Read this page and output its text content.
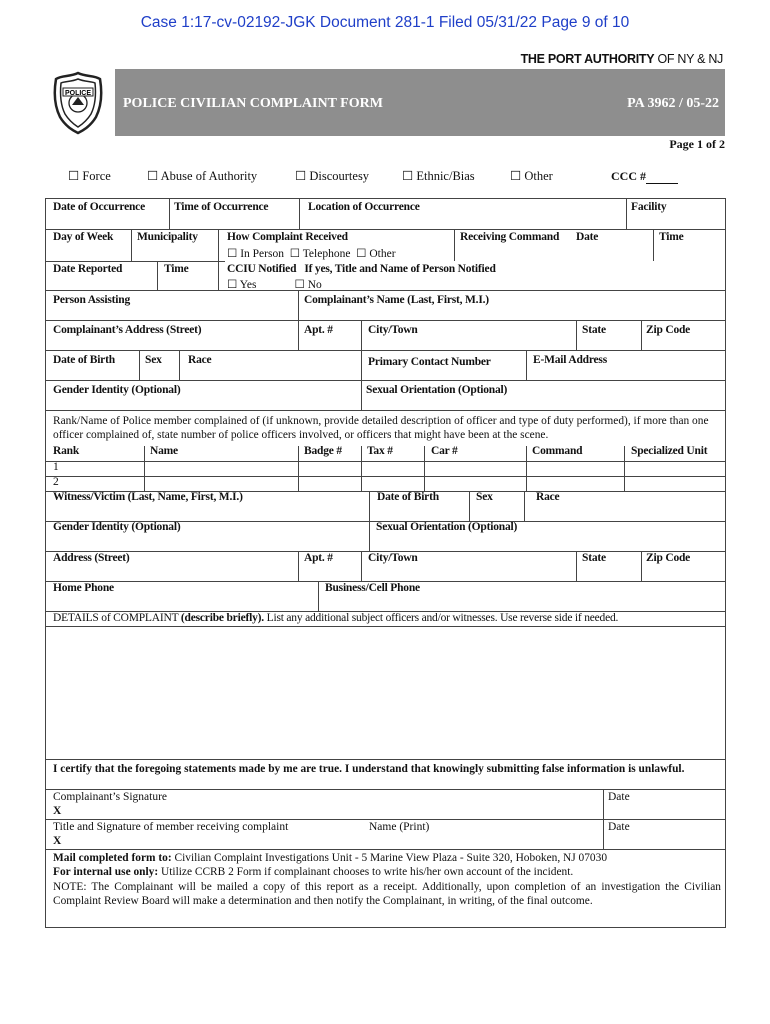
Case 1:17-cv-02192-JGK Document 281-1 Filed 05/31/22 Page 9 of 10
THE PORT AUTHORITY OF NY & NJ
POLICE
POLICE CIVILIAN COMPLAINT FORM	PA 3962 / 05-22
Page 1 of 2
☐ Force	☐ Abuse of Authority	☐ Discourtesy	☐ Ethnic/Bias	☐ Other	CCC #
Date of Occurrence	Time of Occurrence	Location of Occurrence	Facility
Day of Week Municipality	How Complaint Received	Receiving Command Date	Time
☐ In Person ☐ Telephone ☐ Other
Date Reported	Time	CCIU Notified If yes, Title and Name of Person Notified
☐ Yes	☐ No
Person Assisting	Complainant’s Name (Last, First, M.I.)
Complainant’s Address (Street)	Apt. #	City/Town	State	Zip Code
Date of Birth	Sex Race	Primary Contact Number	E-Mail Address
Gender Identity (Optional)	Sexual Orientation (Optional)
Rank/Name of Police member complained of (if unknown, provide detailed description of officer and type of duty performed), if more than one officer complained of, state number of police officers involved, or officers that might have been at the scene.
Rank	Name	Badge # Tax #	Car #	Command	Specialized Unit
1
2
Witness/Victim (Last, Name, First, M.I.)	Date of Birth	Sex	Race
Gender Identity (Optional)	Sexual Orientation (Optional)
Address (Street)	Apt. #	City/Town	State	Zip Code
Home Phone	Business/Cell Phone
DETAILS of COMPLAINT (describe briefly). List any additional subject officers and/or witnesses. Use reverse side if needed.
I certify that the foregoing statements made by me are true. I understand that knowingly submitting false information is unlawful.
Complainant’s Signature
X
Date
Title and Signature of member receiving complaint	Name (Print)
X
Date
Mail completed form to: Civilian Complaint Investigations Unit - 5 Marine View Plaza - Suite 320, Hoboken, NJ 07030
For internal use only: Utilize CCRB 2 Form if complainant chooses to write his/her own account of the incident.
NOTE: The Complainant will be mailed a copy of this report as a receipt. Additionally, upon completion of an investigation the Civilian Complaint Review Board will make a determination and then notify the Complainant, in writing, of the final outcome.
